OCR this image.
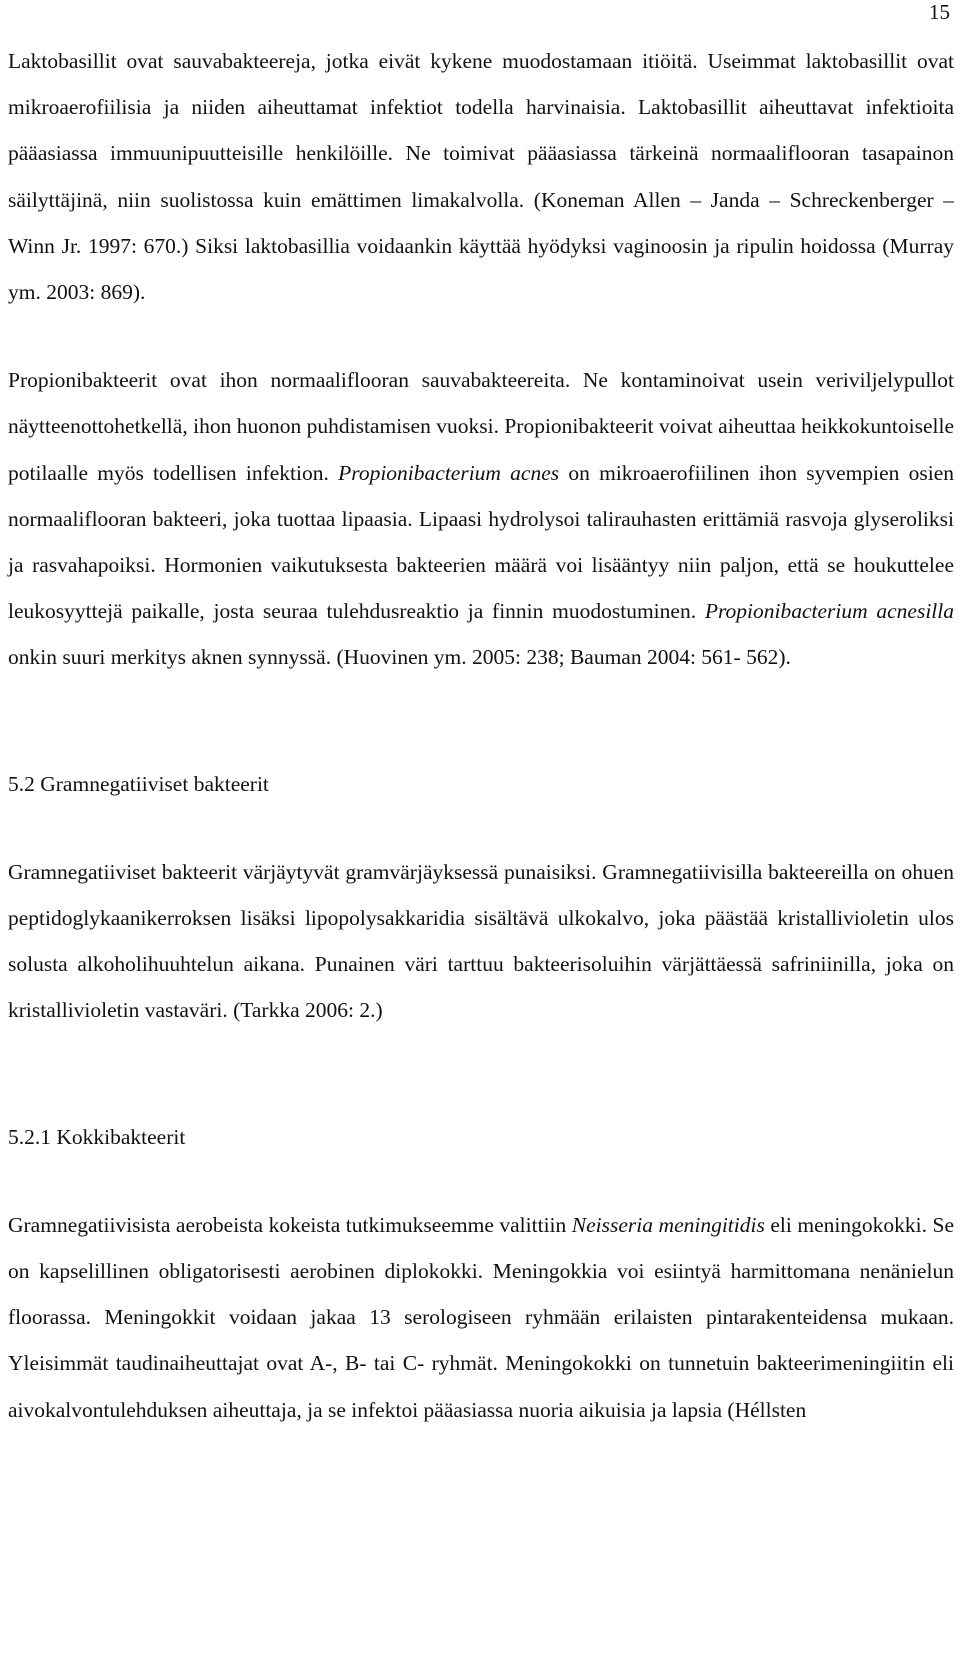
15

Laktobasillit ovat sauvabakteereja, jotka eivät kykene muodostamaan itiöitä. Useimmat laktobasillit ovat mikroaerofiilisia ja niiden aiheuttamat infektiot todella harvinaisia. Laktobasillit aiheuttavat infektioita pääasiassa immuunipuutteisille henkilöille. Ne toimivat pääasiassa tärkeinä normaaliflooran tasapainon säilyttäjinä, niin suolistossa kuin emättimen limakalvolla. (Koneman Allen – Janda – Schreckenberger – Winn Jr. 1997: 670.) Siksi laktobasillia voidaankin käyttää hyödyksi vaginoosin ja ripulin hoidossa (Murray ym. 2003: 869).

Propionibakteerit ovat ihon normaaliflooran sauvabakteereita. Ne kontaminoivat usein veriviljelypullot näytteenottohetkellä, ihon huonon puhdistamisen vuoksi. Propionibakteerit voivat aiheuttaa heikkokuntoiselle potilaalle myös todellisen infektion. Propionibacterium acnes on mikroaerofiilinen ihon syvempien osien normaaliflooran bakteeri, joka tuottaa lipaasia. Lipaasi hydrolysoi talirauhasten erittämiä rasvoja glyseroliksi ja rasvahapoiksi. Hormonien vaikutuksesta bakteerien määrä voi lisääntyy niin paljon, että se houkuttelee leukosyyttejä paikalle, josta seuraa tulehdusreaktio ja finnin muodostuminen. Propionibacterium acnesilla onkin suuri merkitys aknen synnyssä. (Huovinen ym. 2005: 238; Bauman 2004: 561- 562).

5.2 Gramnegatiiviset bakteerit

Gramnegatiiviset bakteerit värjäytyvät gramvärjäyksessä punaisiksi. Gramnegatiivisilla bakteereilla on ohuen peptidoglykaanikerroksen lisäksi lipopolysakkaridia sisältävä ulkokalvo, joka päästää kristallivioletin ulos solusta alkoholihuuhtelun aikana. Punainen väri tarttuu bakteerisoluihin värjättäessä safriniinilla, joka on kristallivioletin vastaväri. (Tarkka 2006: 2.)

5.2.1 Kokkibakteerit

Gramnegatiivisista aerobeista kokeista tutkimukseemme valittiin Neisseria meningitidis eli meningokokki. Se on kapselillinen obligatorisesti aerobinen diplokokki. Meningokkia voi esiintyä harmittomana nenänielun floorassa. Meningokkit voidaan jakaa 13 serologiseen ryhmään erilaisten pintarakenteidensa mukaan. Yleisimmät taudinaiheuttajat ovat A-, B- tai C- ryhmät. Meningokokki on tunnetuin bakteerimeningiitin eli aivokalvontulehduksen aiheuttaja, ja se infektoi pääasiassa nuoria aikuisia ja lapsia (Héllsten
